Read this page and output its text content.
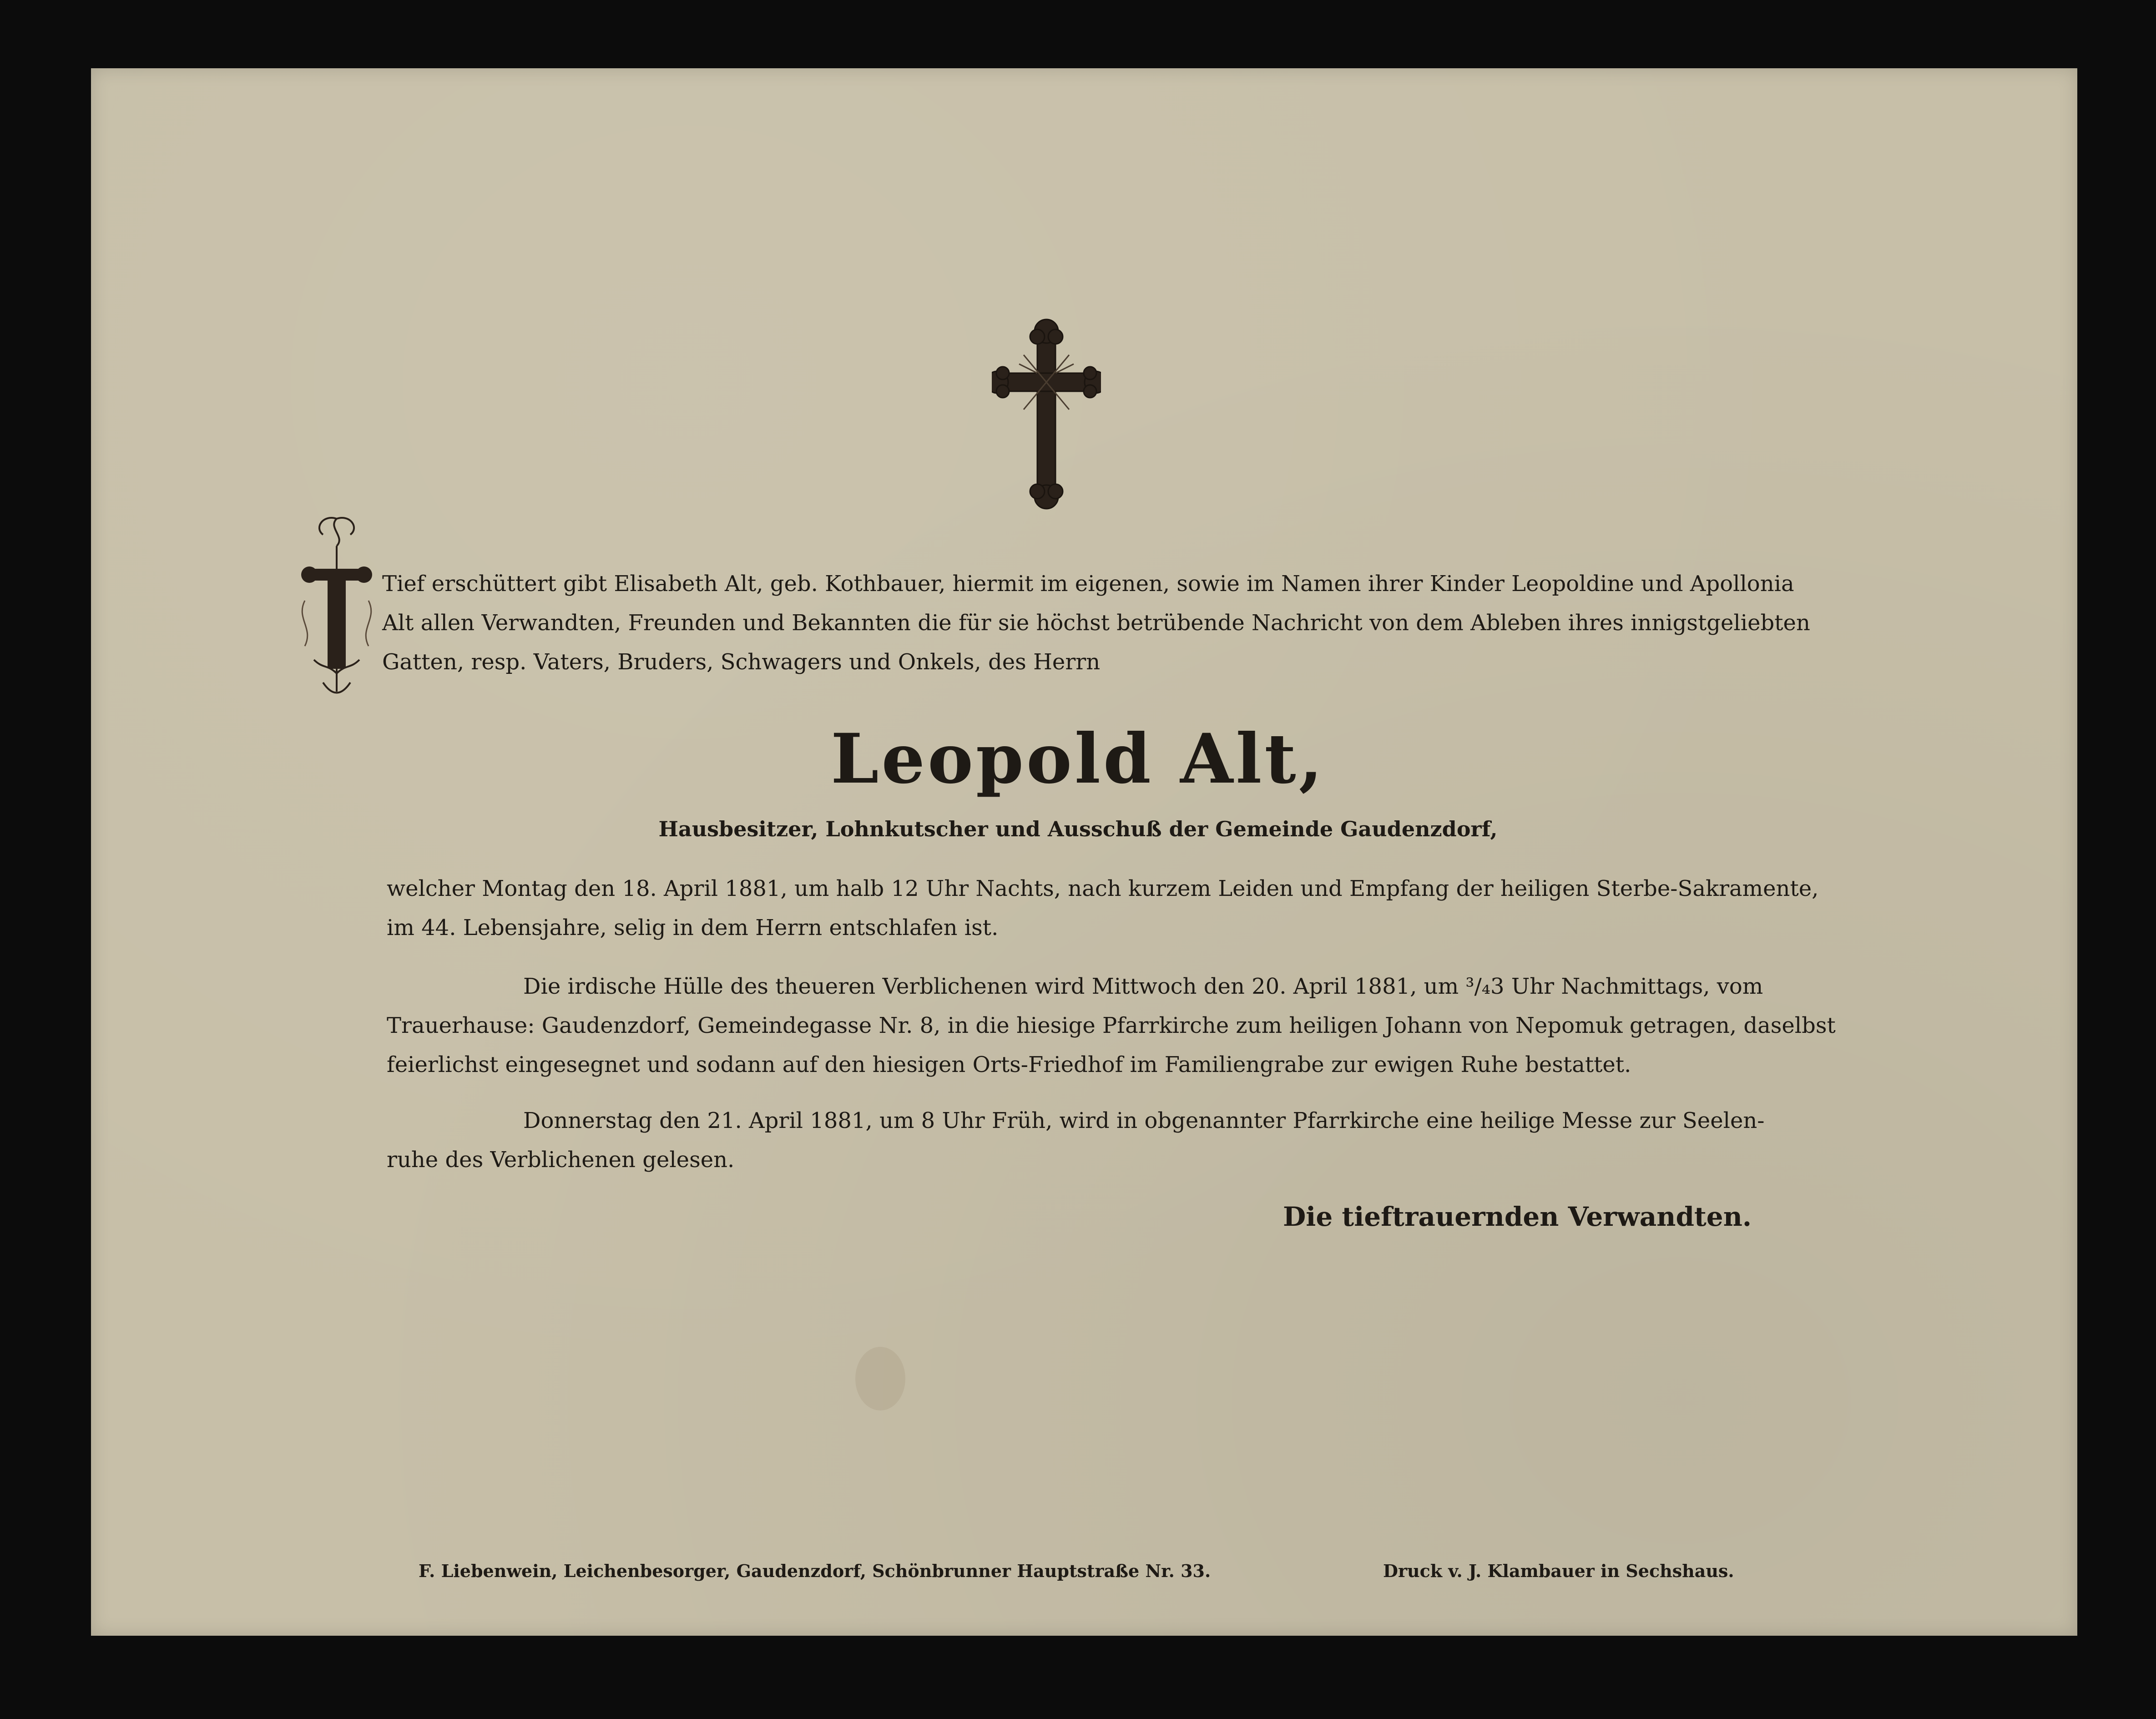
Tief erschüttert gibt Elisabeth Alt, geb. Kothbauer, hiermit im eigenen, sowie im Namen ihrer Kinder Leopoldine und Apollonia
Alt allen Verwandten, Freunden und Bekannten die für sie höchst betrübende Nachricht von dem Ableben ihres innigstgeliebten
Gatten, resp. Vaters, Bruders, Schwagers und Onkels, des Herrn
Leopold Alt,
Hausbesitzer, Lohnkutscher und Ausschuß der Gemeinde Gaudenzdorf,
welcher Montag den 18. April 1881, um halb 12 Uhr Nachts, nach kurzem Leiden und Empfang der heiligen Sterbe-Sakramente,
im 44. Lebensjahre, selig in dem Herrn entschlafen ist.
Die irdische Hülle des theueren Verblichenen wird Mittwoch den 20. April 1881, um ³/₄3 Uhr Nachmittags, vom
Trauerhause: Gaudenzdorf, Gemeindegasse Nr. 8, in die hiesige Pfarrkirche zum heiligen Johann von Nepomuk getragen, daselbst
feierlichst eingesegnet und sodann auf den hiesigen Orts-Friedhof im Familiengrabe zur ewigen Ruhe bestattet.
Donnerstag den 21. April 1881, um 8 Uhr Früh, wird in obgenannter Pfarrkirche eine heilige Messe zur Seelen-
ruhe des Verblichenen gelesen.
Die tieftrauernden Verwandten.
F. Liebenwein, Leichenbesorger, Gaudenzdorf, Schönbrunner Hauptstraße Nr. 33.	Druck v. J. Klambauer in Sechshaus.
